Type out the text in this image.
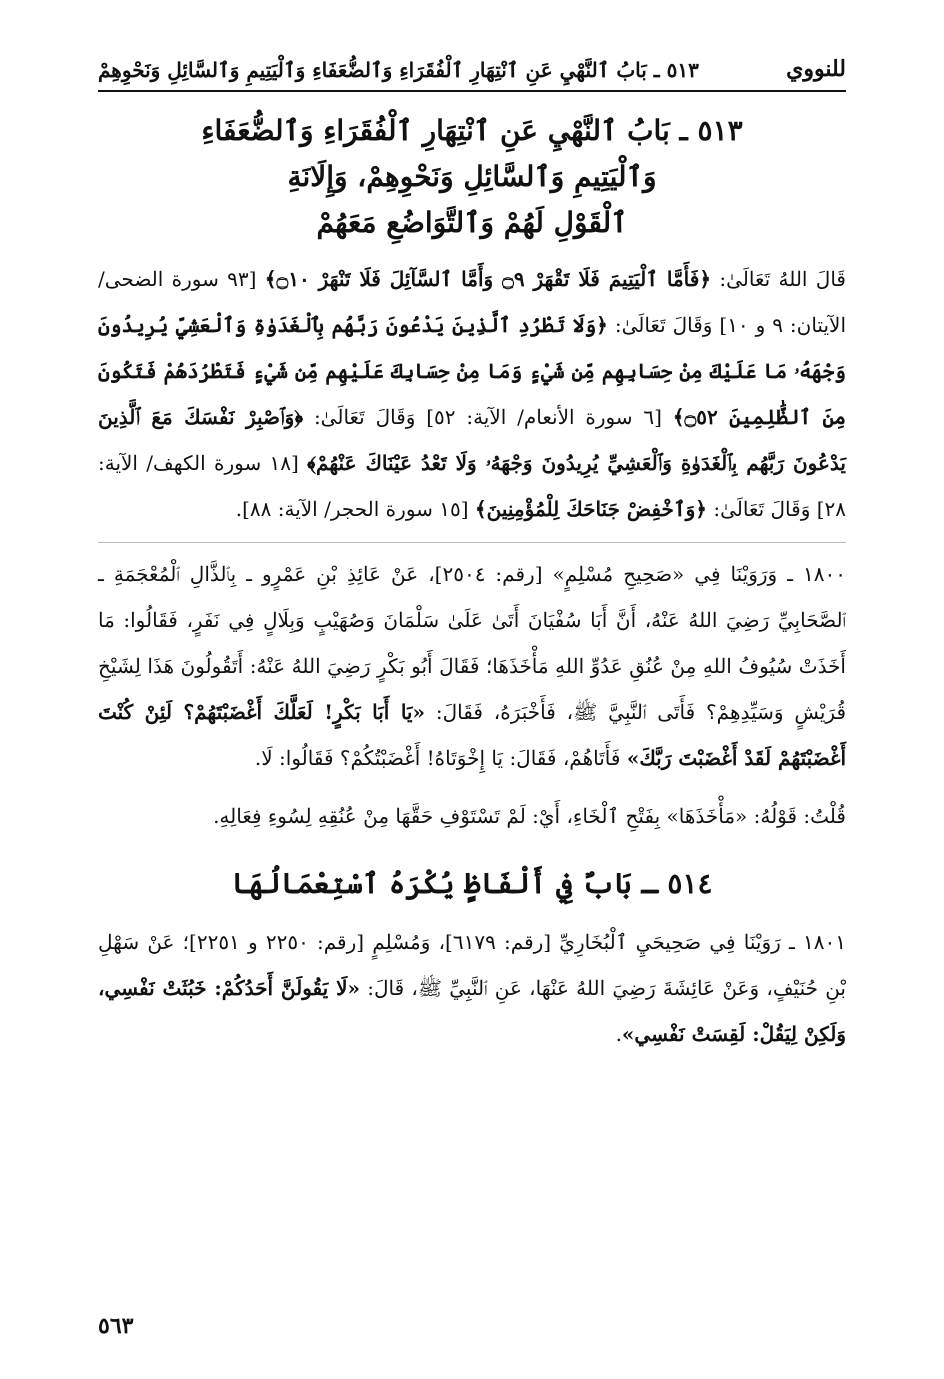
للنووي
٥١٣ ـ بَابُ ٱلنَّهْيِ عَنِ ٱنْتِهَارِ ٱلْفُقَرَاءِ وَٱلضُّعَفَاءِ وَٱلْيَتِيمِ وَٱلسَّائِلِ وَنَحْوِهِمْ
٥١٣ ـ بَابُ ٱلنَّهْيِ عَنِ ٱنْتِهَارِ ٱلْفُقَرَاءِ وَٱلضُّعَفَاءِ
وَٱلْيَتِيمِ وَٱلسَّائِلِ وَنَحْوِهِمْ، وَإِلَانَةِ
ٱلْقَوْلِ لَهُمْ وَٱلتَّوَاضُعِ مَعَهُمْ

قَالَ اللهُ تَعَالَىٰ: ﴿فَأَمَّا ٱلْيَتِيمَ فَلَا تَقْهَرْ ۝٩ وَأَمَّا ٱلسَّآئِلَ فَلَا تَنْهَرْ ۝١٠﴾ [٩٣ سورة الضحى/ الآيتان: ٩ و ١٠] وَقَالَ تَعَالَىٰ: ﴿وَلَا تَطْرُدِ ٱلَّذِينَ يَدْعُونَ رَبَّهُم بِٱلْغَدَوٰةِ وَٱلْعَشِيِّ يُرِيدُونَ وَجْهَهُۥ مَا عَلَيْكَ مِنْ حِسَابِهِم مِّن شَيْءٍ وَمَا مِنْ حِسَابِكَ عَلَيْهِم مِّن شَيْءٍ فَتَطْرُدَهُمْ فَتَكُونَ مِنَ ٱلظَّٰلِمِينَ ۝٥٢﴾ [٦ سورة الأنعام/ الآية: ٥٢] وَقَالَ تَعَالَىٰ: ﴿وَٱصْبِرْ نَفْسَكَ مَعَ ٱلَّذِينَ يَدْعُونَ رَبَّهُم بِٱلْغَدَوٰةِ وَٱلْعَشِيِّ يُرِيدُونَ وَجْهَهُۥ وَلَا تَعْدُ عَيْنَاكَ عَنْهُمْ﴾ [١٨ سورة الكهف/ الآية: ٢٨] وَقَالَ تَعَالَىٰ: ﴿وَٱخْفِضْ جَنَاحَكَ لِلْمُؤْمِنِينَ﴾ [١٥ سورة الحجر/ الآية: ٨٨].

١٨٠٠ ـ وَرَوَيْنَا فِي «صَحِيحِ مُسْلِمٍ» [رقم: ٢٥٠٤]، عَنْ عَائِذِ بْنِ عَمْرٍو ـ بِٱلذَّالِ ٱلْمُعْجَمَةِ ـ ٱلصَّحَابِيِّ رَضِيَ اللهُ عَنْهُ، أَنَّ أَبَا سُفْيَانَ أَتَىٰ عَلَىٰ سَلْمَانَ وَصُهَيْبٍ وَبِلَالٍ فِي نَفَرٍ، فَقَالُوا: مَا أَخَذَتْ سُيُوفُ اللهِ مِنْ عُنُقِ عَدُوِّ اللهِ مَأْخَذَهَا؛ فَقَالَ أَبُو بَكْرٍ رَضِيَ اللهُ عَنْهُ: أَتَقُولُونَ هَذَا لِشَيْخِ قُرَيْشٍ وَسَيِّدِهِمْ؟ فَأَتَى ٱلنَّبِيَّ ﷺ، فَأَخْبَرَهُ، فَقَالَ: «يَا أَبَا بَكْرٍ! لَعَلَّكَ أَغْضَبْتَهُمْ؟ لَئِنْ كُنْتَ أَغْضَبْتَهُمْ لَقَدْ أَغْضَبْتَ رَبَّكَ» فَأَتَاهُمْ، فَقَالَ: يَا إِخْوَتَاهُ! أَغْضَبْتُكُمْ؟ فَقَالُوا: لَا.

قُلْتُ: قَوْلُهُ: «مَأْخَذَهَا» بِفَتْحِ ٱلْخَاءِ، أَيْ: لَمْ تَسْتَوْفِ حَقَّهَا مِنْ عُنُقِهِ لِسُوءِ فِعَالِهِ.

٥١٤ ـ بَابٌ فِي أَلْفَاظٍ يُكْرَهُ ٱسْتِعْمَالُهَا

١٨٠١ ـ رَوَيْنَا فِي صَحِيحَيِ ٱلْبُخَارِيِّ [رقم: ٦١٧٩]، وَمُسْلِمٍ [رقم: ٢٢٥٠ و ٢٢٥١]؛ عَنْ سَهْلِ بْنِ حُنَيْفٍ، وَعَنْ عَائِشَةَ رَضِيَ اللهُ عَنْهَا، عَنِ ٱلنَّبِيِّ ﷺ، قَالَ: «لَا يَقُولَنَّ أَحَدُكُمْ: خَبُثَتْ نَفْسِي، وَلَكِنْ لِيَقُلْ: لَقِسَتْ نَفْسِي».

٥٦٣
